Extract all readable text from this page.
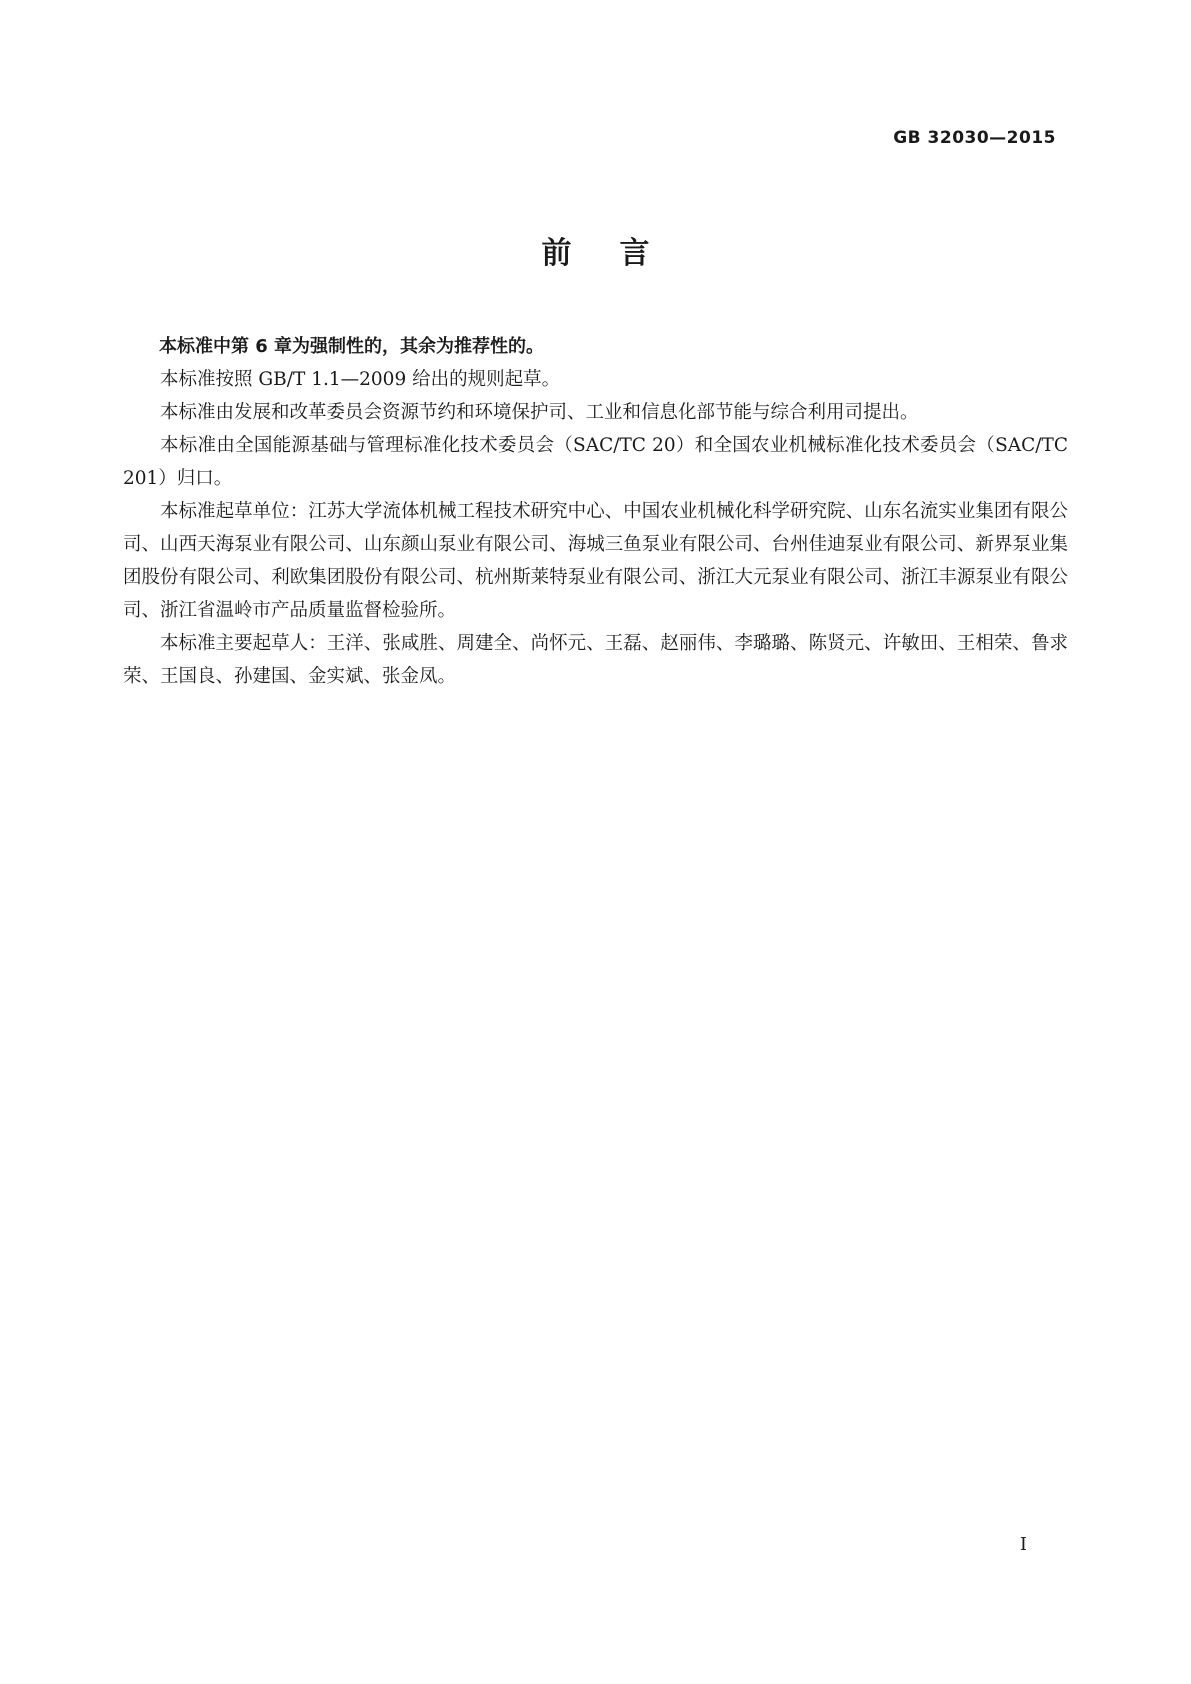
GB 32030—2015
前言

本标准中第 6 章为强制性的，其余为推荐性的。

本标准按照 GB/T 1.1—2009 给出的规则起草。

本标准由发展和改革委员会资源节约和环境保护司、工业和信息化部节能与综合利用司提出。

本标准由全国能源基础与管理标准化技术委员会（SAC/TC 20）和全国农业机械标准化技术委员会（SAC/TC 201）归口。

本标准起草单位：江苏大学流体机械工程技术研究中心、中国农业机械化科学研究院、山东名流实业集团有限公司、山西天海泵业有限公司、山东颜山泵业有限公司、海城三鱼泵业有限公司、台州佳迪泵业有限公司、新界泵业集团股份有限公司、利欧集团股份有限公司、杭州斯莱特泵业有限公司、浙江大元泵业有限公司、浙江丰源泵业有限公司、浙江省温岭市产品质量监督检验所。

本标准主要起草人：王洋、张咸胜、周建全、尚怀元、王磊、赵丽伟、李璐璐、陈贤元、许敏田、王相荣、鲁求荣、王国良、孙建国、金实斌、张金凤。

I
